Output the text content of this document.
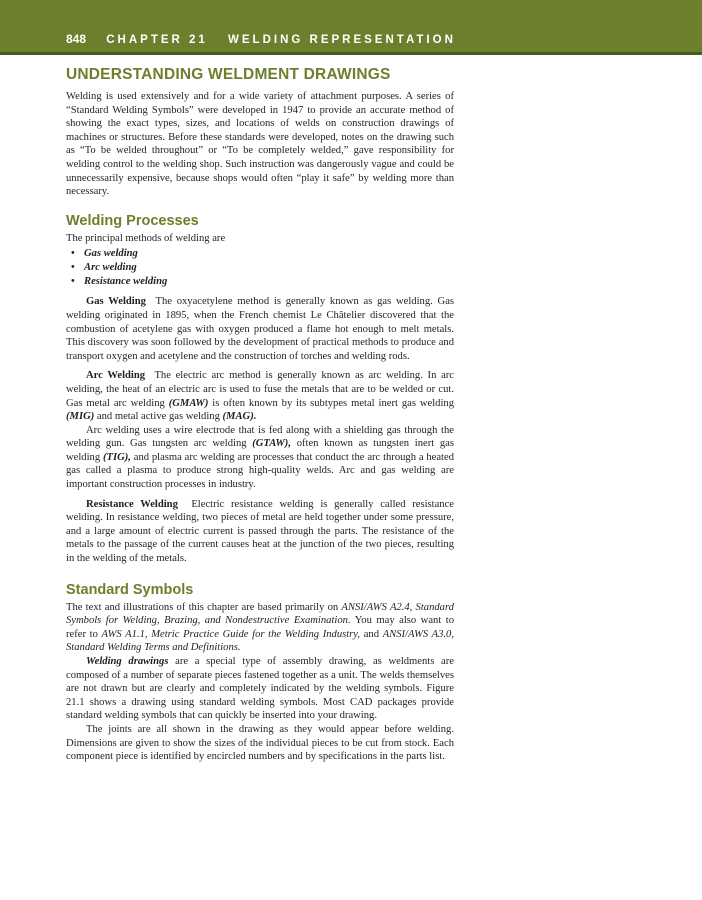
848 CHAPTER 21 WELDING REPRESENTATION
UNDERSTANDING WELDMENT DRAWINGS

Welding is used extensively and for a wide variety of attachment purposes. A series of “Standard Welding Symbols” were developed in 1947 to provide an accurate method of showing the exact types, sizes, and locations of welds on construction drawings of machines or structures. Before these standards were developed, notes on the drawing such as “To be welded throughout” or “To be completely welded,” gave responsibility for welding control to the welding shop. Such instruction was dangerously vague and could be unnecessarily expensive, because shops would often “play it safe” by welding more than necessary.

Welding Processes

The principal methods of welding are

• Gas welding
• Arc welding
• Resistance welding

Gas Welding The oxyacetylene method is generally known as gas welding. Gas welding originated in 1895, when the French chemist Le Châtelier discovered that the combustion of acetylene gas with oxygen produced a flame hot enough to melt metals. This discovery was soon followed by the development of practical methods to produce and transport oxygen and acetylene and the construction of torches and welding rods.

Arc Welding The electric arc method is generally known as arc welding. In arc welding, the heat of an electric arc is used to fuse the metals that are to be welded or cut. Gas metal arc welding (GMAW) is often known by its subtypes metal inert gas welding (MIG) and metal active gas welding (MAG).

Arc welding uses a wire electrode that is fed along with a shielding gas through the welding gun. Gas tungsten arc welding (GTAW), often known as tungsten inert gas welding (TIG), and plasma arc welding are processes that conduct the arc through a heated gas called a plasma to produce strong high-quality welds. Arc and gas welding are important construction processes in industry.

Resistance Welding Electric resistance welding is generally called resistance welding. In resistance welding, two pieces of metal are held together under some pressure, and a large amount of electric current is passed through the parts. The resistance of the metals to the passage of the current causes heat at the junction of the two pieces, resulting in the welding of the metals.

Standard Symbols

The text and illustrations of this chapter are based primarily on ANSI/AWS A2.4, Standard Symbols for Welding, Brazing, and Nondestructive Examination. You may also want to refer to AWS A1.1, Metric Practice Guide for the Welding Industry, and ANSI/AWS A3.0, Standard Welding Terms and Definitions.

Welding drawings are a special type of assembly drawing, as weldments are composed of a number of separate pieces fastened together as a unit. The welds themselves are not drawn but are clearly and completely indicated by the welding symbols. Figure 21.1 shows a drawing using standard welding symbols. Most CAD packages provide standard welding symbols that can quickly be inserted into your drawing.

The joints are all shown in the drawing as they would appear before welding. Dimensions are given to show the sizes of the individual pieces to be cut from stock. Each component piece is identified by encircled numbers and by specifications in the parts list.
